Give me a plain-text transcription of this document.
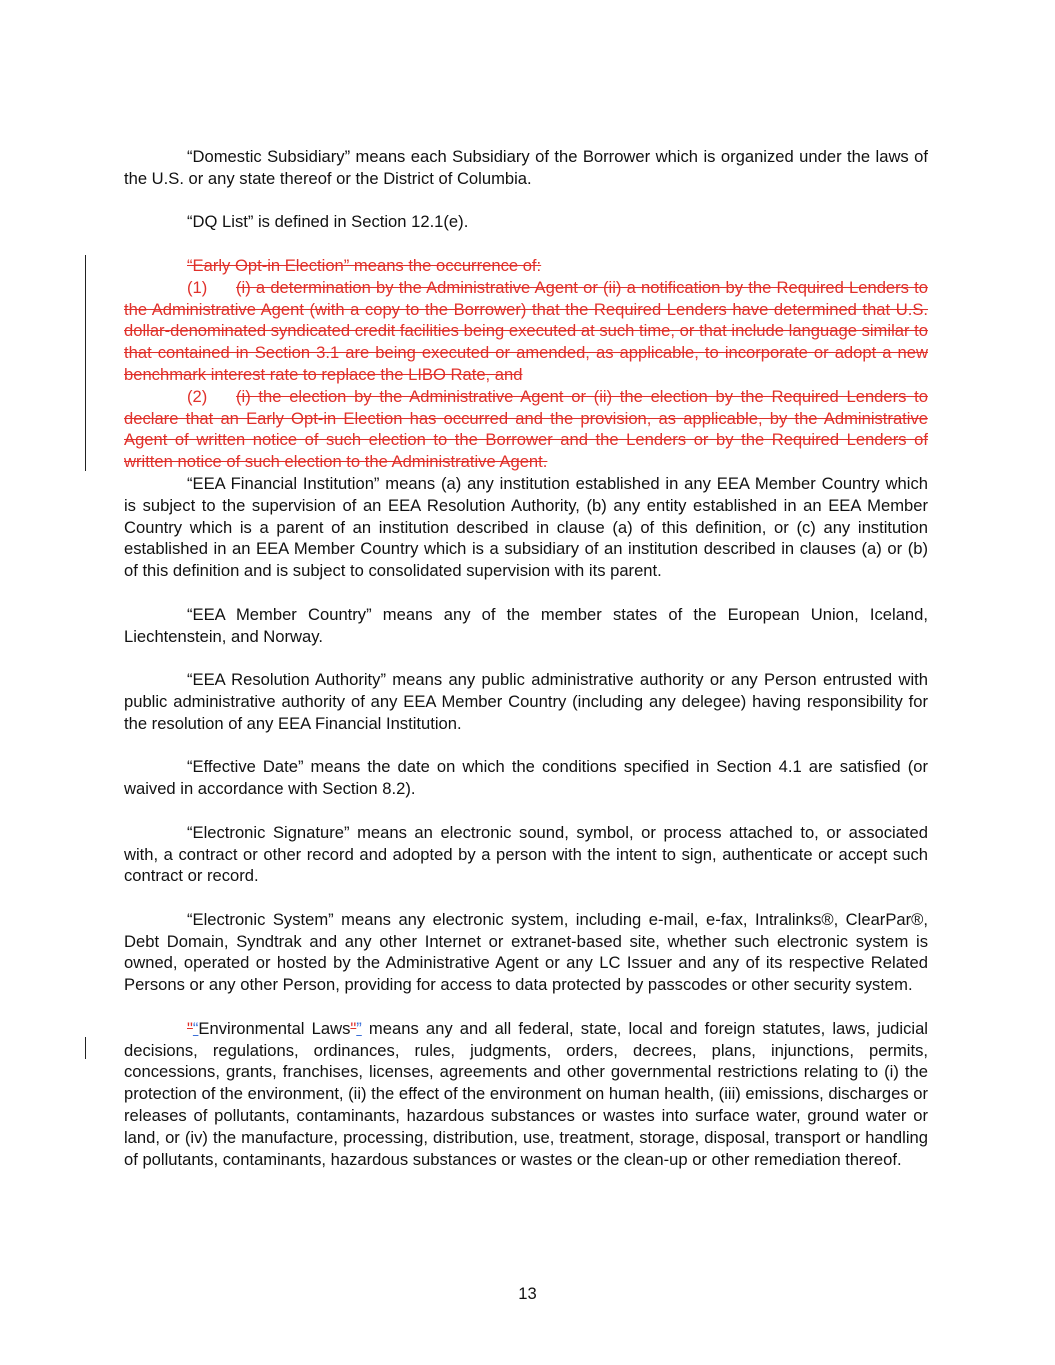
“Domestic Subsidiary” means each Subsidiary of the Borrower which is organized under the laws of the U.S. or any state thereof or the District of Columbia.

“DQ List” is defined in Section 12.1(e).

“Early Opt-in Election” means the occurrence of:

(1) (i) a determination by the Administrative Agent or (ii) a notification by the Required Lenders to the Administrative Agent (with a copy to the Borrower) that the Required Lenders have determined that U.S. dollar-denominated syndicated credit facilities being executed at such time, or that include language similar to that contained in Section 3.1 are being executed or amended, as applicable, to incorporate or adopt a new benchmark interest rate to replace the LIBO Rate, and

(2) (i) the election by the Administrative Agent or (ii) the election by the Required Lenders to declare that an Early Opt-in Election has occurred and the provision, as applicable, by the Administrative Agent of written notice of such election to the Borrower and the Lenders or by the Required Lenders of written notice of such election to the Administrative Agent.

“EEA Financial Institution” means (a) any institution established in any EEA Member Country which is subject to the supervision of an EEA Resolution Authority, (b) any entity established in an EEA Member Country which is a parent of an institution described in clause (a) of this definition, or (c) any institution established in an EEA Member Country which is a subsidiary of an institution described in clauses (a) or (b) of this definition and is subject to consolidated supervision with its parent.

“EEA Member Country” means any of the member states of the European Union, Iceland, Liechtenstein, and Norway.

“EEA Resolution Authority” means any public administrative authority or any Person entrusted with public administrative authority of any EEA Member Country (including any delegee) having responsibility for the resolution of any EEA Financial Institution.

“Effective Date” means the date on which the conditions specified in Section 4.1 are satisfied (or waived in accordance with Section 8.2).

“Electronic Signature” means an electronic sound, symbol, or process attached to, or associated with, a contract or other record and adopted by a person with the intent to sign, authenticate or accept such contract or record.

“Electronic System” means any electronic system, including e-mail, e-fax, Intralinks®, ClearPar®, Debt Domain, Syndtrak and any other Internet or extranet-based site, whether such electronic system is owned, operated or hosted by the Administrative Agent or any LC Issuer and any of its respective Related Persons or any other Person, providing for access to data protected by passcodes or other security system.

"“Environmental Laws"” means any and all federal, state, local and foreign statutes, laws, judicial decisions, regulations, ordinances, rules, judgments, orders, decrees, plans, injunctions, permits, concessions, grants, franchises, licenses, agreements and other governmental restrictions relating to (i) the protection of the environment, (ii) the effect of the environment on human health, (iii) emissions, discharges or releases of pollutants, contaminants, hazardous substances or wastes into surface water, ground water or land, or (iv) the manufacture, processing, distribution, use, treatment, storage, disposal, transport or handling of pollutants, contaminants, hazardous substances or wastes or the clean-up or other remediation thereof.

13
